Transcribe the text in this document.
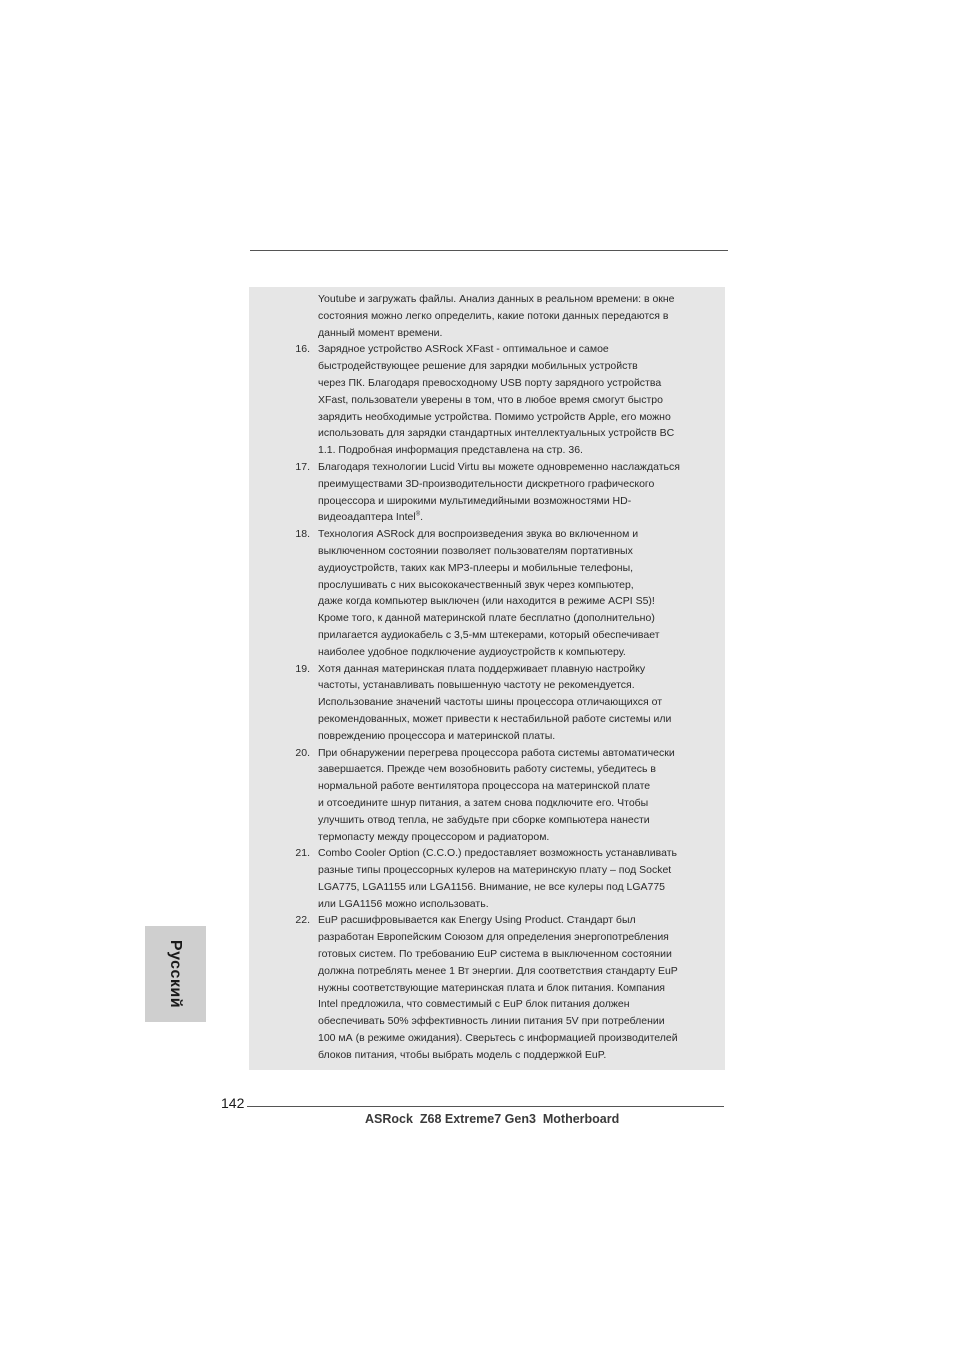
Youtube и загружать файлы. Анализ данных в реальном времени: в окне
состояния можно легко определить, какие потоки данных передаются в
данный момент времени.
16. Зарядное устройство ASRock XFast - оптимальное и самое
быстродействующее решение для зарядки мобильных устройств
через ПК. Благодаря превосходному USB порту зарядного устройства
XFast, пользователи уверены в том, что в любое время смогут быстро
зарядить необходимые устройства. Помимо устройств Apple, его можно
использовать для зарядки стандартных интеллектуальных устройств BC
1.1. Подробная информация представлена на стр. 36.
17. Благодаря технологии Lucid Virtu вы можете одновременно наслаждаться
преимуществами 3D-производительности дискретного графического
процессора и широкими мультимедийными возможностями HD-
видеоадаптера Intel®.
18. Технология ASRock для воспроизведения звука во включенном и
выключенном состоянии позволяет пользователям портативных
аудиоустройств, таких как MP3-плееры и мобильные телефоны,
прослушивать с них высококачественный звук через компьютер,
даже когда компьютер выключен (или находится в режиме ACPI S5)!
Кроме того, к данной материнской плате бесплатно (дополнительно)
прилагается аудиокабель с 3,5-мм штекерами, который обеспечивает
наиболее удобное подключение аудиоустройств к компьютеру.
19. Хотя данная материнская плата поддерживает плавную настройку
частоты, устанавливать повышенную частоту не рекомендуется.
Использование значений частоты шины процессора отличающихся от
рекомендованных, может привести к нестабильной работе системы или
повреждению процессора и материнской платы.
20. При обнаружении перегрева процессора работа системы автоматически
завершается. Прежде чем возобновить работу системы, убедитесь в
нормальной работе вентилятора процессора на материнской плате
и отсоедините шнур питания, а затем снова подключите его. Чтобы
улучшить отвод тепла, не забудьте при сборке компьютера нанести
термопасту между процессором и радиатором.
21. Combo Cooler Option (C.C.O.) предоставляет возможность устанавливать
разные типы процессорных кулеров на материнскую плату – под Socket
LGA775, LGA1155 или LGA1156. Внимание, не все кулеры под LGA775
или LGA1156 можно использовать.
22. EuP расшифровывается как Energy Using Product. Стандарт был
разработан Европейским Союзом для определения энергопотребления
готовых систем. По требованию EuP система в выключенном состоянии
должна потреблять менее 1 Вт энергии. Для соответствия стандарту EuP
нужны соответствующие материнская плата и блок питания. Компания
Intel предложила, что совместимый с EuP блок питания должен
обеспечивать 50% эффективность линии питания 5V при потреблении
100 мА (в режиме ожидания). Сверьтесь с информацией производителей
блоков питания, чтобы выбрать модель с поддержкой EuP.
Русский
142
ASRock  Z68 Extreme7 Gen3  Motherboard
